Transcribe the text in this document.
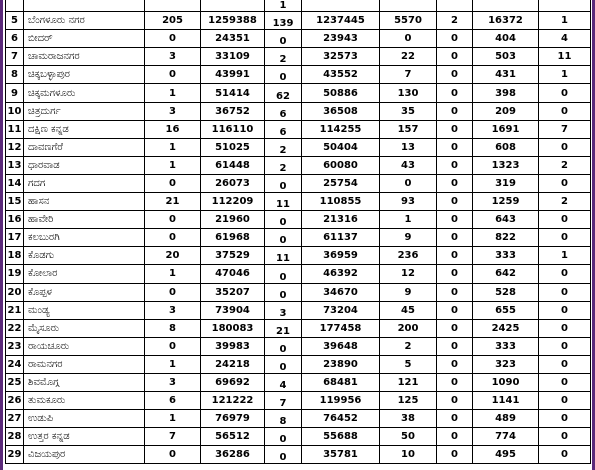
				1					
5	ಬೆಂಗಳೂರು ನಗರ	205	1259388	139	1237445	5570	2	16372	1
6	ಬೀದರ್	0	24351	0	23943	0	0	404	4
7	ಚಾಮರಾಜನಗರ	3	33109	2	32573	22	0	503	11
8	ಚಿಕ್ಕಬಳ್ಳಾಪುರ	0	43991	0	43552	7	0	431	1
9	ಚಿಕ್ಕಮಗಳೂರು	1	51414	62	50886	130	0	398	0
10	ಚಿತ್ರದುರ್ಗ	3	36752	6	36508	35	0	209	0
11	ದಕ್ಷಿಣ ಕನ್ನಡ	16	116110	6	114255	157	0	1691	7
12	ದಾವಣಗೆರೆ	1	51025	2	50404	13	0	608	0
13	ಧಾರವಾಡ	1	61448	2	60080	43	0	1323	2
14	ಗದಗ	0	26073	0	25754	0	0	319	0
15	ಹಾಸನ	21	112209	11	110855	93	0	1259	2
16	ಹಾವೇರಿ	0	21960	0	21316	1	0	643	0
17	ಕಲಬುರಗಿ	0	61968	0	61137	9	0	822	0
18	ಕೊಡಗು	20	37529	11	36959	236	0	333	1
19	ಕೋಲಾರ	1	47046	0	46392	12	0	642	0
20	ಕೊಪ್ಪಳ	0	35207	0	34670	9	0	528	0
21	ಮಂಡ್ಯ	3	73904	3	73204	45	0	655	0
22	ಮೈಸೂರು	8	180083	21	177458	200	0	2425	0
23	ರಾಯಚೂರು	0	39983	0	39648	2	0	333	0
24	ರಾಮನಗರ	1	24218	0	23890	5	0	323	0
25	ಶಿವಮೊಗ್ಗ	3	69692	4	68481	121	0	1090	0
26	ತುಮಕೂರು	6	121222	7	119956	125	0	1141	0
27	ಉಡುಪಿ	1	76979	8	76452	38	0	489	0
28	ಉತ್ತರ ಕನ್ನಡ	7	56512	0	55688	50	0	774	0
29	ವಿಜಯಪುರ	0	36286	0	35781	10	0	495	0
